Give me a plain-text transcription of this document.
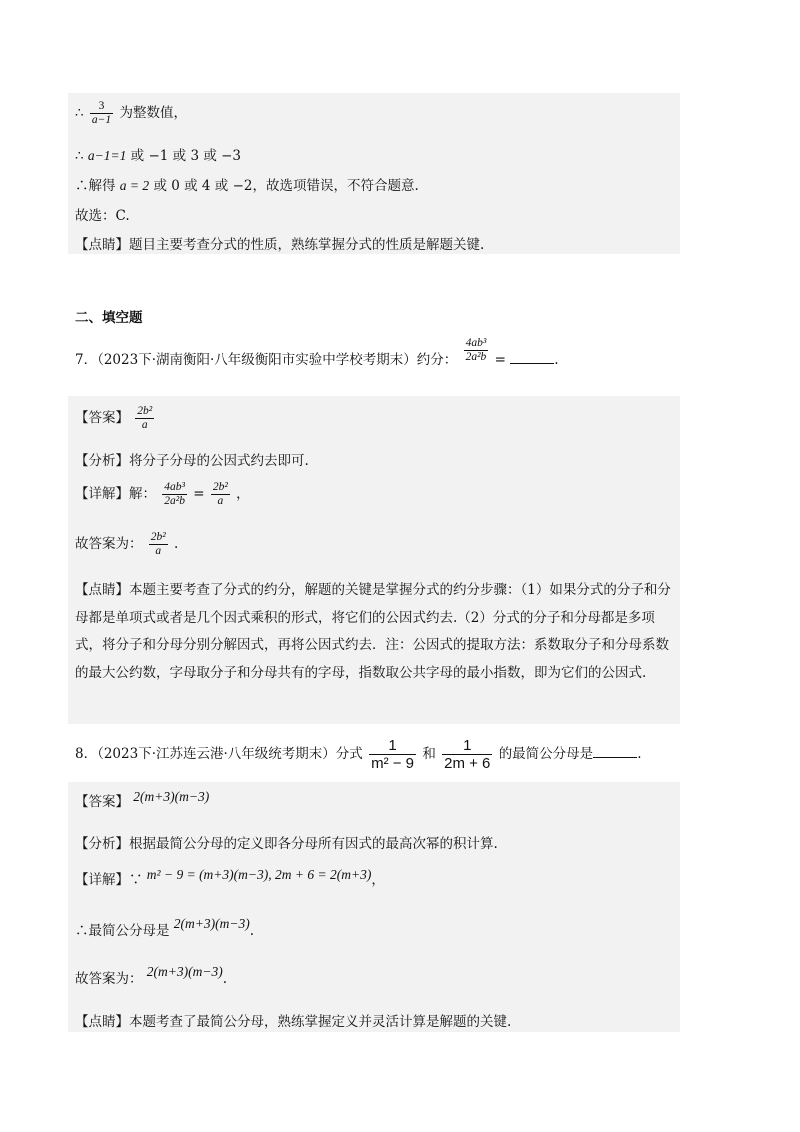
∴ $\frac{3}{a-1}$ 为整数值，
∴ a−1=1 或 −1 或 3 或 −3
∴解得 a = 2 或 0 或 4 或 −2，故选项错误，不符合题意.
故选：C.
【点睛】题目主要考查分式的性质，熟练掌握分式的性质是解题关键.
二、填空题
7．（2023下·湖南衡阳·八年级衡阳市实验中学校考期末）约分： $\frac{\text{4ab³}}{\text{2a²b}}$ =	.
【答案】 $\frac{\text{2b²}}{a}$
【分析】将分子分母的公因式约去即可.
【详解】解： $\frac{\text{4ab³}}{\text{2a²b}} = \frac{\text{2b²}}{a}$ ，
故答案为： $\frac{\text{2b²}}{a}$ .
【点睛】本题主要考查了分式的约分，解题的关键是掌握分式的约分步骤：（1）如果分式的分子和分母都是单项式或者是几个因式乘积的形式，将它们的公因式约去.（2）分式的分子和分母都是多项式，将分子和分母分别分解因式，再将公因式约去．注：公因式的提取方法：系数取分子和分母系数的最大公约数，字母取分子和分母共有的字母，指数取公共字母的最小指数，即为它们的公因式.
8．（2023下·江苏连云港·八年级统考期末）分式 $\frac{1}{\text{m² − 9}}$ 和 $\frac{1}{2m + 6}$ 的最简公分母是	.
【答案】 2(m+3)(m−3)
【分析】根据最简公分母的定义即各分母所有因式的最高次幂的积计算.
【详解】∵ m² − 9 = (m+3)(m−3), 2m + 6 = 2(m+3)，
∴最简公分母是 2(m+3)(m−3).
故答案为： 2(m+3)(m−3).
【点睛】本题考查了最简公分母，熟练掌握定义并灵活计算是解题的关键.
